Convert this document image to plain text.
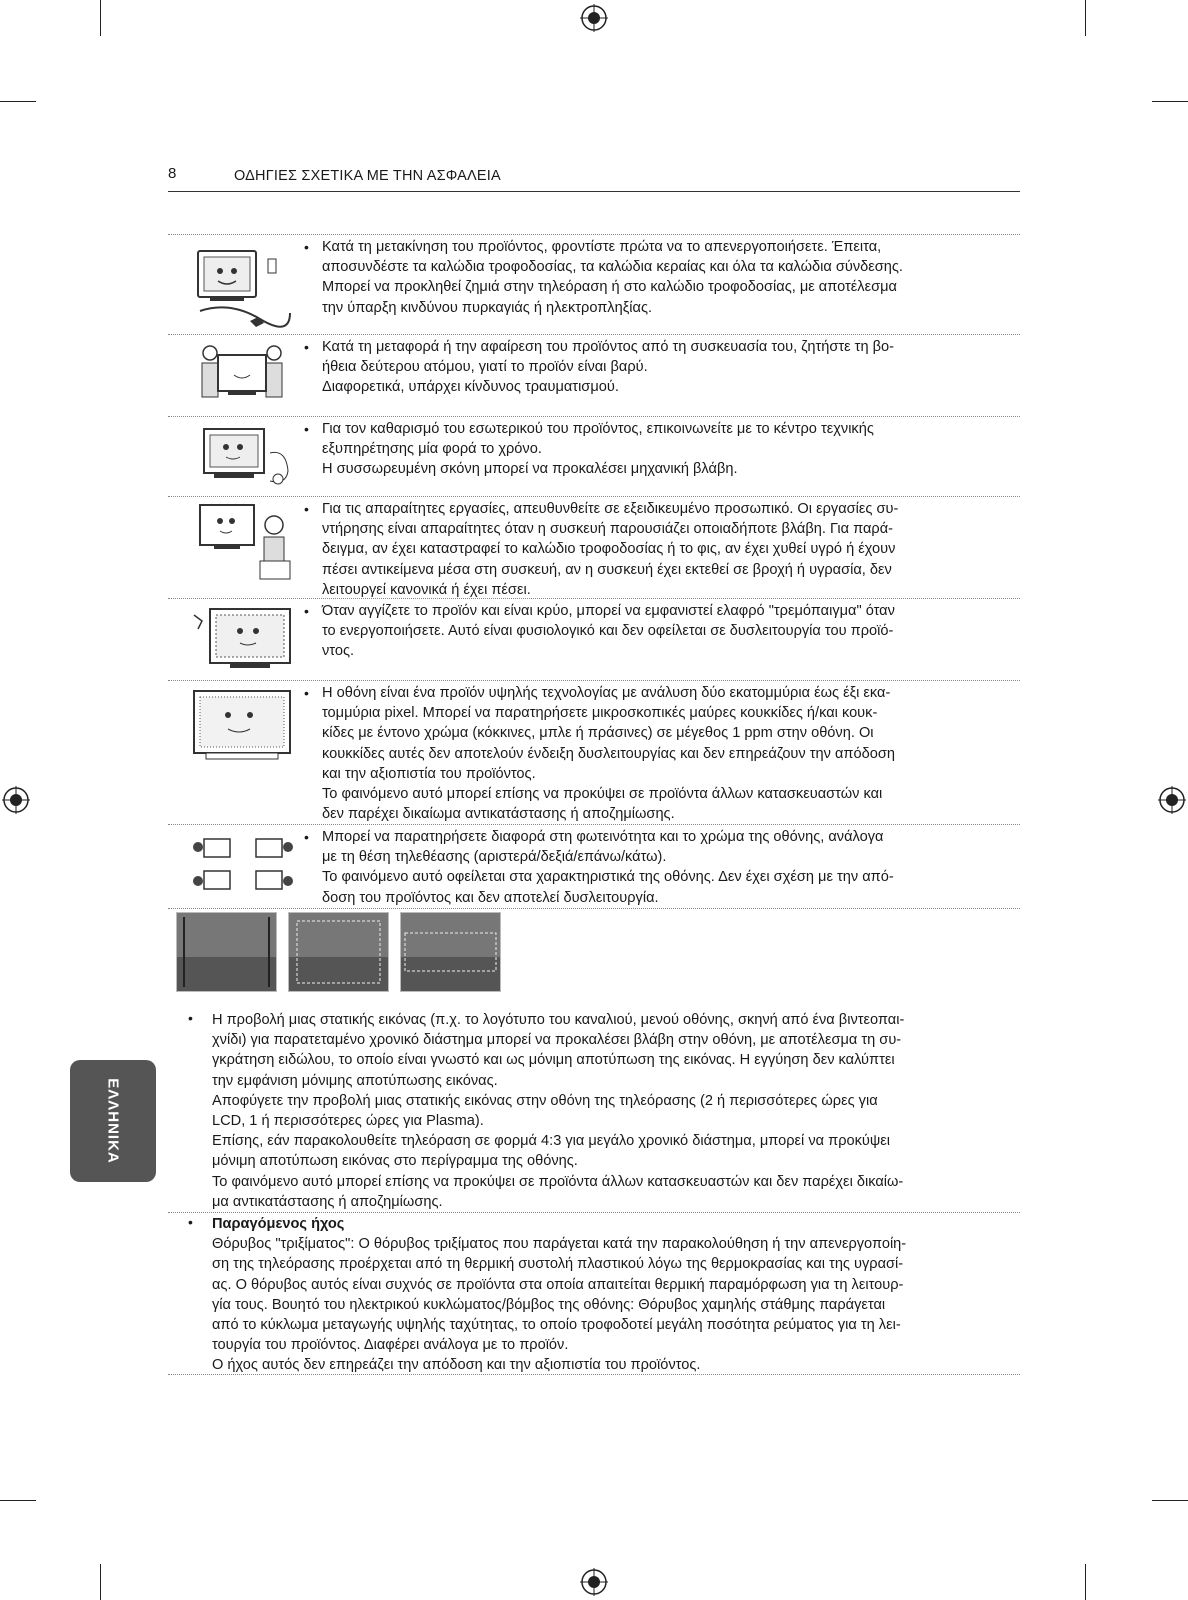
8	ΟΔΗΓΙΕΣ ΣΧΕΤΙΚΑ ΜΕ ΤΗΝ ΑΣΦΑΛΕΙΑ
ΕΛΛΗΝΙΚΑ
• Κατά τη μετακίνηση του προϊόντος, φροντίστε πρώτα να το απενεργοποιήσετε. Έπειτα,
αποσυνδέστε τα καλώδια τροφοδοσίας, τα καλώδια κεραίας και όλα τα καλώδια σύνδεσης.
Μπορεί να προκληθεί ζημιά στην τηλεόραση ή στο καλώδιο τροφοδοσίας, με αποτέλεσμα
την ύπαρξη κινδύνου πυρκαγιάς ή ηλεκτροπληξίας.
• Κατά τη μεταφορά ή την αφαίρεση του προϊόντος από τη συσκευασία του, ζητήστε τη βο-
ήθεια δεύτερου ατόμου, γιατί το προϊόν είναι βαρύ.
Διαφορετικά, υπάρχει κίνδυνος τραυματισμού.
• Για τον καθαρισμό του εσωτερικού του προϊόντος, επικοινωνείτε με το κέντρο τεχνικής
εξυπηρέτησης μία φορά το χρόνο.
Η συσσωρευμένη σκόνη μπορεί να προκαλέσει μηχανική βλάβη.
• Για τις απαραίτητες εργασίες, απευθυνθείτε σε εξειδικευμένο προσωπικό. Οι εργασίες συ-
ντήρησης είναι απαραίτητες όταν η συσκευή παρουσιάζει οποιαδήποτε βλάβη. Για παρά-
δειγμα, αν έχει καταστραφεί το καλώδιο τροφοδοσίας ή το φις, αν έχει χυθεί υγρό ή έχουν
πέσει αντικείμενα μέσα στη συσκευή, αν η συσκευή έχει εκτεθεί σε βροχή ή υγρασία, δεν
λειτουργεί κανονικά ή έχει πέσει.
• Όταν αγγίζετε το προϊόν και είναι κρύο, μπορεί να εμφανιστεί ελαφρό "τρεμόπαιγμα" όταν
το ενεργοποιήσετε. Αυτό είναι φυσιολογικό και δεν οφείλεται σε δυσλειτουργία του προϊό-
ντος.
• Η οθόνη είναι ένα προϊόν υψηλής τεχνολογίας με ανάλυση δύο εκατομμύρια έως έξι εκα-
τομμύρια pixel. Μπορεί να παρατηρήσετε μικροσκοπικές μαύρες κουκκίδες ή/και κουκ-
κίδες με έντονο χρώμα (κόκκινες, μπλε ή πράσινες) σε μέγεθος 1 ppm στην οθόνη. Οι
κουκκίδες αυτές δεν αποτελούν ένδειξη δυσλειτουργίας και δεν επηρεάζουν την απόδοση
και την αξιοπιστία του προϊόντος.
Το φαινόμενο αυτό μπορεί επίσης να προκύψει σε προϊόντα άλλων κατασκευαστών και
δεν παρέχει δικαίωμα αντικατάστασης ή αποζημίωσης.
• Μπορεί να παρατηρήσετε διαφορά στη φωτεινότητα και το χρώμα της οθόνης, ανάλογα
με τη θέση τηλεθέασης (αριστερά/δεξιά/επάνω/κάτω).
Το φαινόμενο αυτό οφείλεται στα χαρακτηριστικά της οθόνης. Δεν έχει σχέση με την από-
δοση του προϊόντος και δεν αποτελεί δυσλειτουργία.
• Η προβολή μιας στατικής εικόνας (π.χ. το λογότυπο του καναλιού, μενού οθόνης, σκηνή από ένα βιντεοπαι-
χνίδι) για παρατεταμένο χρονικό διάστημα μπορεί να προκαλέσει βλάβη στην οθόνη, με αποτέλεσμα τη συ-
γκράτηση ειδώλου, το οποίο είναι γνωστό και ως μόνιμη αποτύπωση της εικόνας. Η εγγύηση δεν καλύπτει
την εμφάνιση μόνιμης αποτύπωσης εικόνας.
Αποφύγετε την προβολή μιας στατικής εικόνας στην οθόνη της τηλεόρασης (2 ή περισσότερες ώρες για
LCD, 1 ή περισσότερες ώρες για Plasma).
Επίσης, εάν παρακολουθείτε τηλεόραση σε φορμά 4:3 για μεγάλο χρονικό διάστημα, μπορεί να προκύψει
μόνιμη αποτύπωση εικόνας στο περίγραμμα της οθόνης.
Το φαινόμενο αυτό μπορεί επίσης να προκύψει σε προϊόντα άλλων κατασκευαστών και δεν παρέχει δικαίω-
μα αντικατάστασης ή αποζημίωσης.
• Παραγόμενος ήχος
Θόρυβος "τριξίματος": Ο θόρυβος τριξίματος που παράγεται κατά την παρακολούθηση ή την απενεργοποίη-
ση της τηλεόρασης προέρχεται από τη θερμική συστολή πλαστικού λόγω της θερμοκρασίας και της υγρασί-
ας. Ο θόρυβος αυτός είναι συχνός σε προϊόντα στα οποία απαιτείται θερμική παραμόρφωση για τη λειτουρ-
γία τους. Βουητό του ηλεκτρικού κυκλώματος/βόμβος της οθόνης: Θόρυβος χαμηλής στάθμης παράγεται
από το κύκλωμα μεταγωγής υψηλής ταχύτητας, το οποίο τροφοδοτεί μεγάλη ποσότητα ρεύματος για τη λει-
τουργία του προϊόντος. Διαφέρει ανάλογα με το προϊόν.
Ο ήχος αυτός δεν επηρεάζει την απόδοση και την αξιοπιστία του προϊόντος.
